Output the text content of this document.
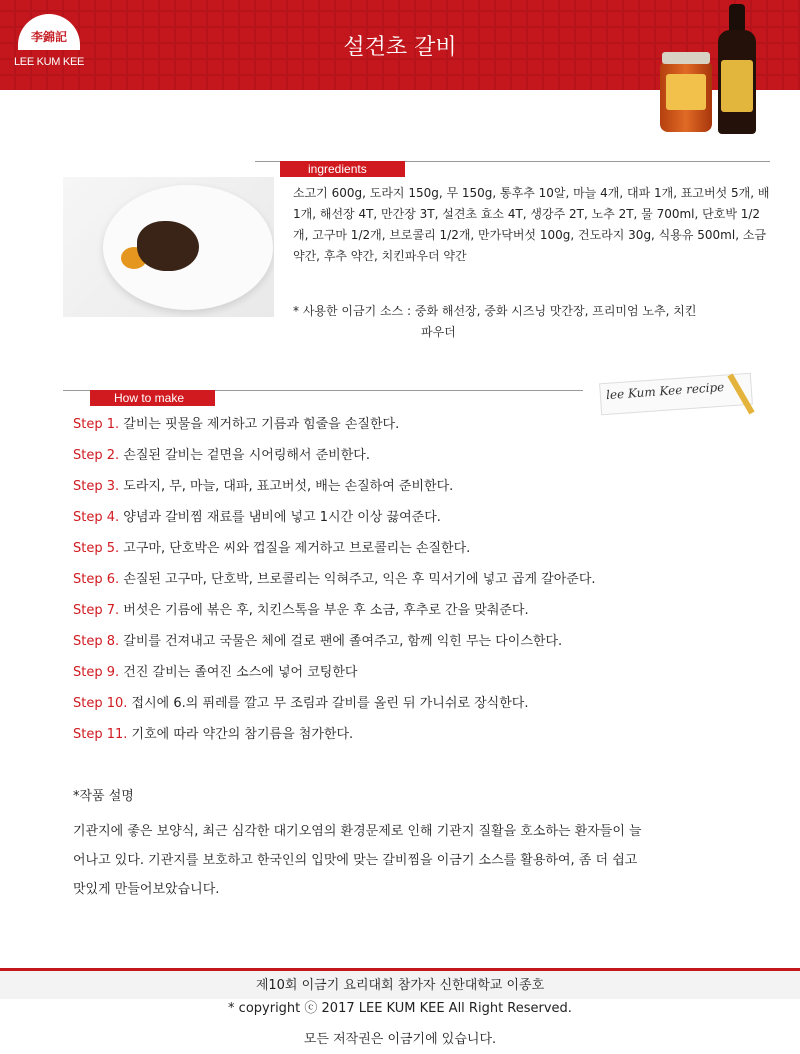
李錦記
LEE KUM KEE
설견초 갈비
ingredients
소고기 600g, 도라지 150g, 무 150g, 통후추 10알, 마늘 4개, 대파 1개, 표고버섯 5개, 배 1개, 해선장 4T, 만간장 3T, 설견초 효소 4T, 생강주 2T, 노추 2T, 물 700ml, 단호박 1/2개, 고구마 1/2개, 브로콜리 1/2개, 만가닥버섯 100g, 건도라지 30g, 식용유 500ml, 소금 약간, 후추 약간, 치킨파우더 약간
* 사용한 이금기 소스 : 중화 해선장, 중화 시즈닝 맛간장, 프리미엄 노추, 치킨
파우더
How to make	lee Kum Kee recipe
Step 1. 갈비는 핏물을 제거하고 기름과 힘줄을 손질한다.
Step 2. 손질된 갈비는 겉면을 시어링해서 준비한다.
Step 3. 도라지, 무, 마늘, 대파, 표고버섯, 배는 손질하여 준비한다.
Step 4. 양념과 갈비찜 재료를 냄비에 넣고 1시간 이상 끓여준다.
Step 5. 고구마, 단호박은 씨와 껍질을 제거하고 브로콜리는 손질한다.
Step 6. 손질된 고구마, 단호박, 브로콜리는 익혀주고, 익은 후 믹서기에 넣고 곱게 갈아준다.
Step 7. 버섯은 기름에 볶은 후, 치킨스톡을 부운 후 소금, 후추로 간을 맞춰준다.
Step 8. 갈비를 건져내고 국물은 체에 걸로 팬에 졸여주고, 함께 익힌 무는 다이스한다.
Step 9. 건진 갈비는 졸여진 소스에 넣어 코팅한다
Step 10. 접시에 6.의 퓌레를 깔고 무 조림과 갈비를 올린 뒤 가니쉬로 장식한다.
Step 11. 기호에 따라 약간의 참기름을 첨가한다.
*작품 설명
기관지에 좋은 보양식, 최근 심각한 대기오염의 환경문제로 인해 기관지 질활을 호소하는 환자들이 늘
어나고 있다. 기관지를 보호하고 한국인의 입맛에 맞는 갈비찜을 이금기 소스를 활용하여, 좀 더 쉽고
맛있게 만들어보았습니다.
제10회 이금기 요리대회 참가자 신한대학교 이종호
* copyright ⓒ 2017 LEE KUM KEE All Right Reserved.
모든 저작권은 이금기에 있습니다.
